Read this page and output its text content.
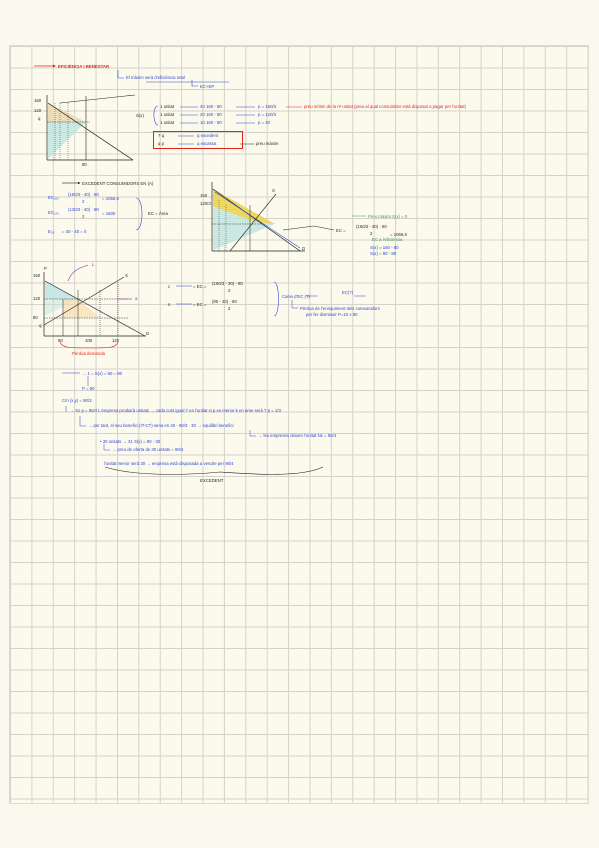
EFICIÈNCIA I BENESTAR
El màxim serà d'eficiència total
EC+EP
160
120
q
80
S(x)
1 unitat	40 160 - 80	p = 160/3
1 unitat	20 160 - 80	p = 120/3
1 unitat	10 160 - 80	p = 40
preu mínim de la nª unitat (preu al qual consumidor està disposat a pagar per l'unitat)
? q	q excedent
q p	q escassa	preu màxim
EXCEDENT CONSUMIDORS EN (A)
EC₁₆₀
(160/3 - 40) · 80
2
= 1066,6
EC₁₂₀
(120/3 - 40) · 80
2
= 1600
E₃₀ = 40 - 40 = 0
EC = Àrea
S
D
160
120/3
Preu màxim S(x) = 0
EC =
(160/3 - 40) · 80
2	= 1066,6
EC a l'eficiència
S(x) = 160 - 80
S(x) = 90 - 80
P
160
120
80
q
S
D
80	100	120
L
a
Pèrdua demanda
c	= EC =
(160/3 - 30) · 80
2
n	= EC =
(80 - 40) · 80
2
Canvi d'EC (?)
EC(?)
Pèrdua de l'enriquiment dels consumidors
per fer disminuir P=10 x 80
→ 1 = S(x) = 90 = 80
P = 90
Cm (x,y) = 90/3
→ 51 p = 90/4 L'empresa produirà unitats → cada cost igual 7 en l'unitat si p es menor k en ame serà 7 p = 1/3
→ per tant, el seu benefici (IT-CT) seria en 40 - 90/3 · 30 → equilibri benefici
→ les empreses deixen l'unitat Nx = 90/4
• 30 unitats → 31 S(x) = 90 - 30
→ preu de oferta de 30 unitats = 90/4
l'unitat menor serà 30 → empresa està disposada a vendre per 90/4
EXCEDENT
